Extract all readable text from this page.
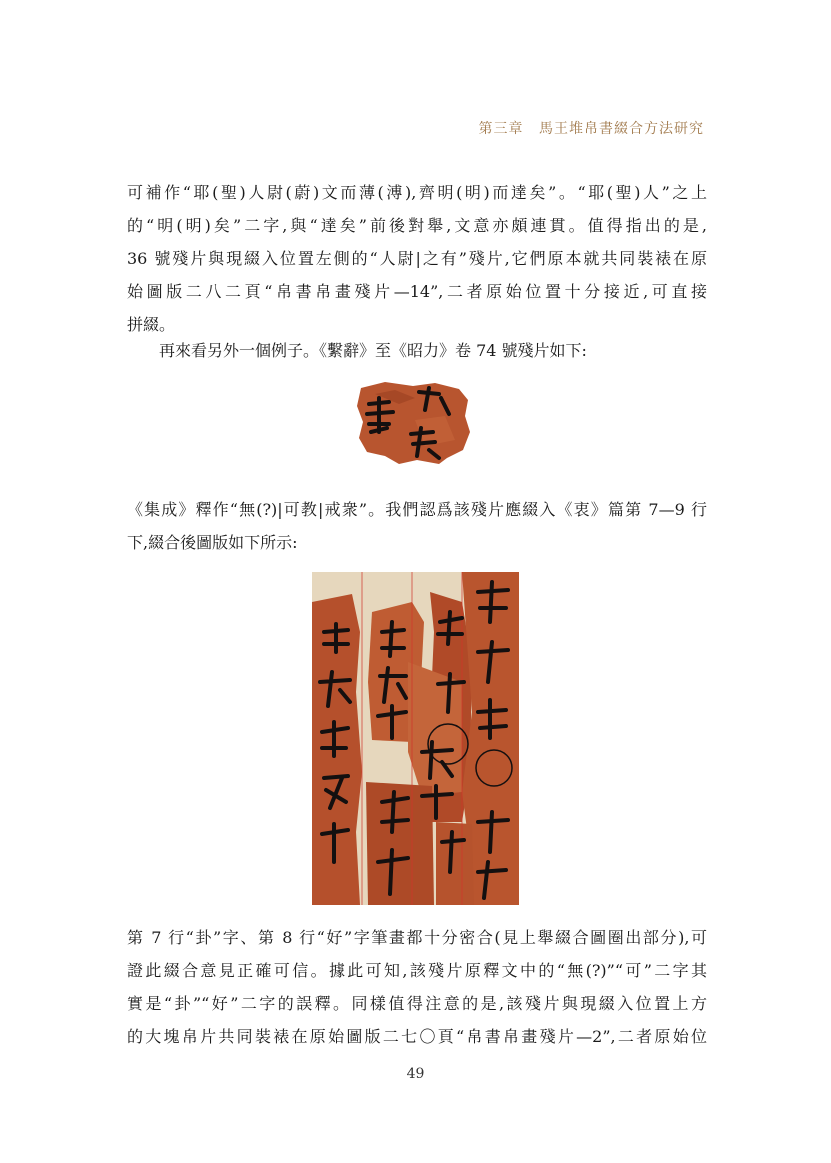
第三章 馬王堆帛書綴合方法研究
可補作“耶(聖)人尉(蔚)文而薄(溥),齊明(明)而達矣”。“耶(聖)人”之上
的“明(明)矣”二字,與“達矣”前後對舉,文意亦頗連貫。值得指出的是,
36 號殘片與現綴入位置左側的“人尉|之有”殘片,它們原本就共同裝裱在原
始圖版二八二頁“帛書帛畫殘片—14”,二者原始位置十分接近,可直接
拼綴。
再來看另外一個例子。《繫辭》至《昭力》卷 74 號殘片如下:
《集成》釋作“無(?)|可教|戒衆”。我們認爲該殘片應綴入《衷》篇第 7—9 行
下,綴合後圖版如下所示:
第 7 行“卦”字、第 8 行“好”字筆畫都十分密合(見上舉綴合圖圈出部分),可
證此綴合意見正確可信。據此可知,該殘片原釋文中的“無(?)”“可”二字其
實是“卦”“好”二字的誤釋。同樣值得注意的是,該殘片與現綴入位置上方
的大塊帛片共同裝裱在原始圖版二七〇頁“帛書帛畫殘片—2”,二者原始位
49
